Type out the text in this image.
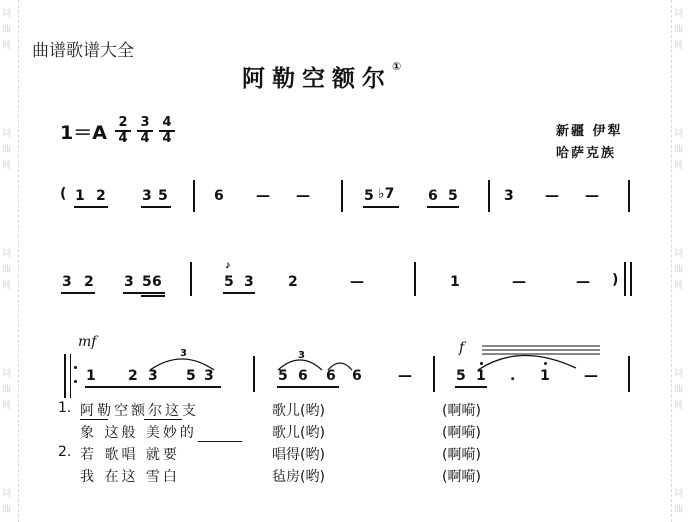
词
曲
网
词
曲
网
词
曲
网
词
曲
网
词
曲
词
曲
网
词
曲
网
词
曲
网
词
曲
网
词
曲
曲谱歌谱大全
阿勒空额尔①
$1=A \frac{2}{4} \frac{3}{4} \frac{4}{4}$	新疆 伊犁
哈萨克族
( 1 2	3 5	6 — —	5 ♭7 6 5	3 — —
3 2 3 5 6
𝆕
5 3 2	—	1	—	— )
mf	f
3	3
1 2 3 5 3	5 6 6 6	—	5 1 . 1 —
1. 阿勒空额尔这支	歌儿(哟)	(啊嗬)
象 这般 美妙的	歌儿(哟)	(啊嗬)
2. 若 歌唱 就要	唱得(哟)	(啊嗬)
我 在这 雪白	毡房(哟)	(啊嗬)
